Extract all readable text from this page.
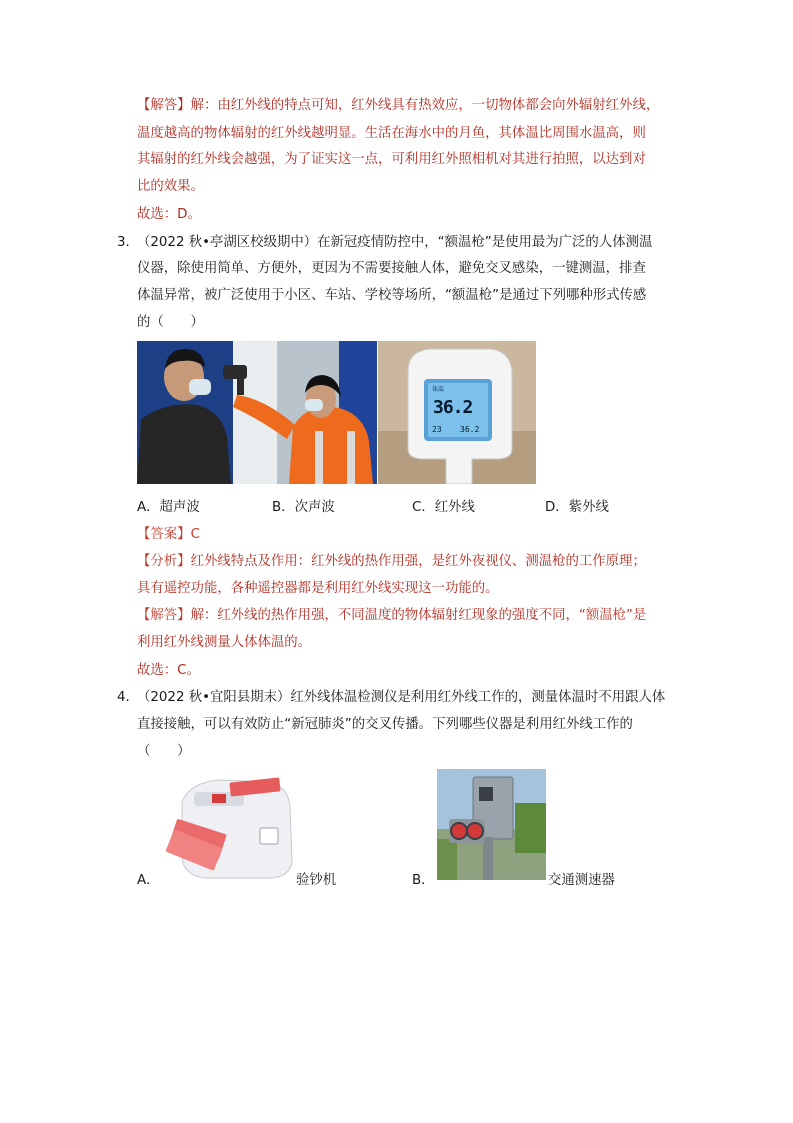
【解答】解：由红外线的特点可知，红外线具有热效应，一切物体都会向外辐射红外线，
温度越高的物体辐射的红外线越明显。生活在海水中的月鱼，其体温比周围水温高，则
其辐射的红外线会越强，为了证实这一点，可利用红外照相机对其进行拍照，以达到对
比的效果。
故选：D。
3．
（2022 秋•亭湖区校级期中）在新冠疫情防控中，“额温枪”是使用最为广泛的人体测温
仪器，除使用简单、方便外，更因为不需要接触人体，避免交叉感染，一键测温，排查
体温异常，被广泛使用于小区、车站、学校等场所，“额温枪”是通过下列哪种形式传感
的（　　）
体温
36.2
23 36.2
A．超声波	B．次声波	C．红外线	D．紫外线
【答案】C
【分析】红外线特点及作用：红外线的热作用强，是红外夜视仪、测温枪的工作原理；
具有遥控功能，各种遥控器都是利用红外线实现这一功能的。
【解答】解：红外线的热作用强，不同温度的物体辐射红现象的强度不同，“额温枪”是
利用红外线测量人体体温的。
故选：C。
4．
（2022 秋•宜阳县期末）红外线体温检测仪是利用红外线工作的，测量体温时不用跟人体
直接接触，可以有效防止“新冠肺炎”的交叉传播。下列哪些仪器是利用红外线工作的
（　　）
A．	验钞机	B．	交通测速器
